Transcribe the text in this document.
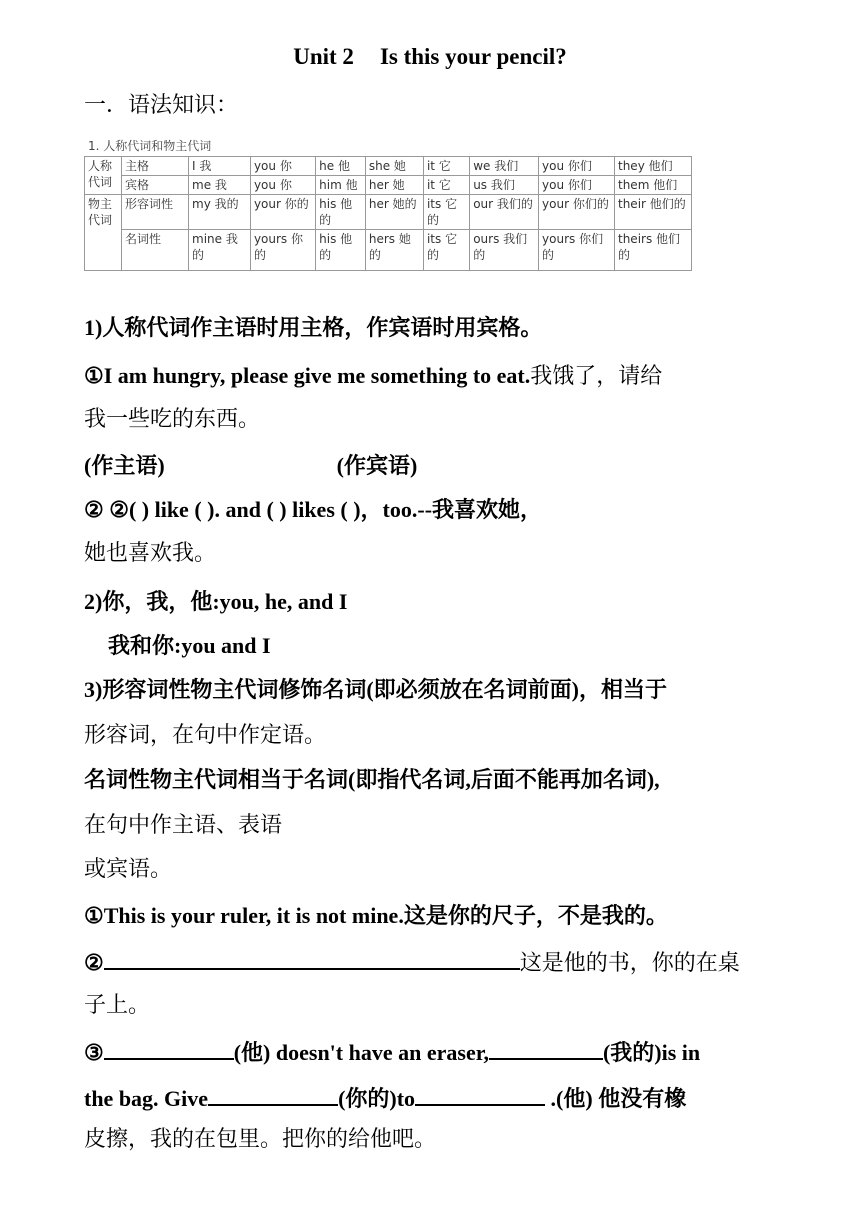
Unit 2 Is this your pencil?
一．语法知识：
1. 人称代词和物主代词
人称代词	主格	I 我	you 你	he 他	she 她	it 它	we 我们	you 你们	they 他们
	宾格	me 我	you 你	him 他	her 她	it 它	us 我们	you 你们	them 他们
物主代词	形容词性	my 我的	your 你的	his 他的	her 她的	its 它的	our 我们的	your 你们的	their 他们的
	名词性	mine 我的	yours 你的	his 他的	hers 她的	its 它的	ours 我们的	yours 你们的	theirs 他们的
1)人称代词作主语时用主格，作宾语时用宾格。
①I am hungry, please give me something to eat.我饿了，请给
我一些吃的东西。
(作主语)	(作宾语)
② ②( ) like ( ). and ( ) likes ( )，too.--我喜欢她，
她也喜欢我。
2)你，我，他:you, he, and I
我和你:you and I
3)形容词性物主代词修饰名词(即必须放在名词前面)，相当于
形容词，在句中作定语。
名词性物主代词相当于名词(即指代名词,后面不能再加名词),
在句中作主语、表语
或宾语。
①This is your ruler, it is not mine.这是你的尺子，不是我的。
②	这是他的书，你的在桌
子上。
③	(他) doesn't have an eraser,	(我的)is in
the bag. Give	(你的)to	.(他) 他没有橡
皮擦，我的在包里。把你的给他吧。
